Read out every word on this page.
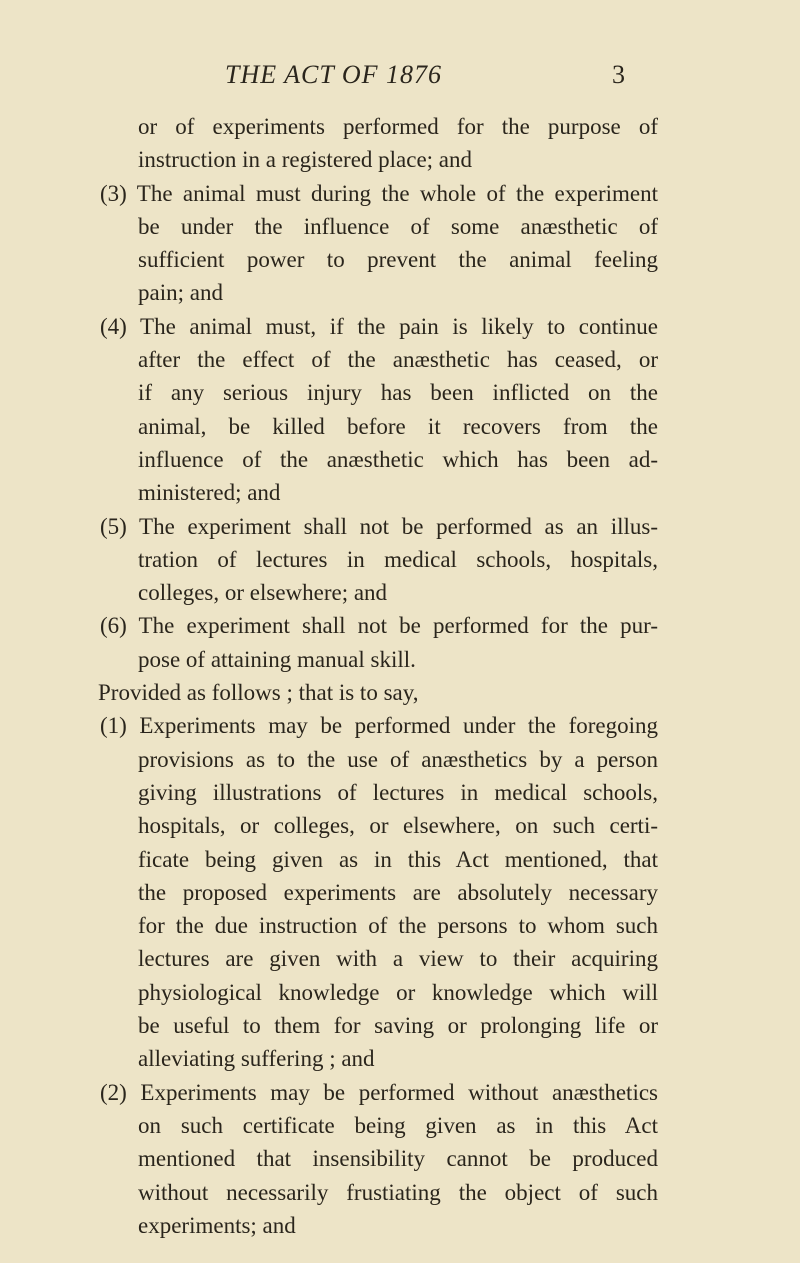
THE ACT OF 1876	3
or of experiments performed for the purpose of
instruction in a registered place; and
(3) The animal must during the whole of the experiment
be under the influence of some anæsthetic of
sufficient power to prevent the animal feeling
pain; and
(4) The animal must, if the pain is likely to continue
after the effect of the anæsthetic has ceased, or
if any serious injury has been inflicted on the
animal, be killed before it recovers from the
influence of the anæsthetic which has been ad-
ministered; and
(5) The experiment shall not be performed as an illus-
tration of lectures in medical schools, hospitals,
colleges, or elsewhere; and
(6) The experiment shall not be performed for the pur-
pose of attaining manual skill.
Provided as follows ; that is to say,
(1) Experiments may be performed under the foregoing
provisions as to the use of anæsthetics by a person
giving illustrations of lectures in medical schools,
hospitals, or colleges, or elsewhere, on such certi-
ficate being given as in this Act mentioned, that
the proposed experiments are absolutely necessary
for the due instruction of the persons to whom such
lectures are given with a view to their acquiring
physiological knowledge or knowledge which will
be useful to them for saving or prolonging life or
alleviating suffering ; and
(2) Experiments may be performed without anæsthetics
on such certificate being given as in this Act
mentioned that insensibility cannot be produced
without necessarily frustiating the object of such
experiments; and
